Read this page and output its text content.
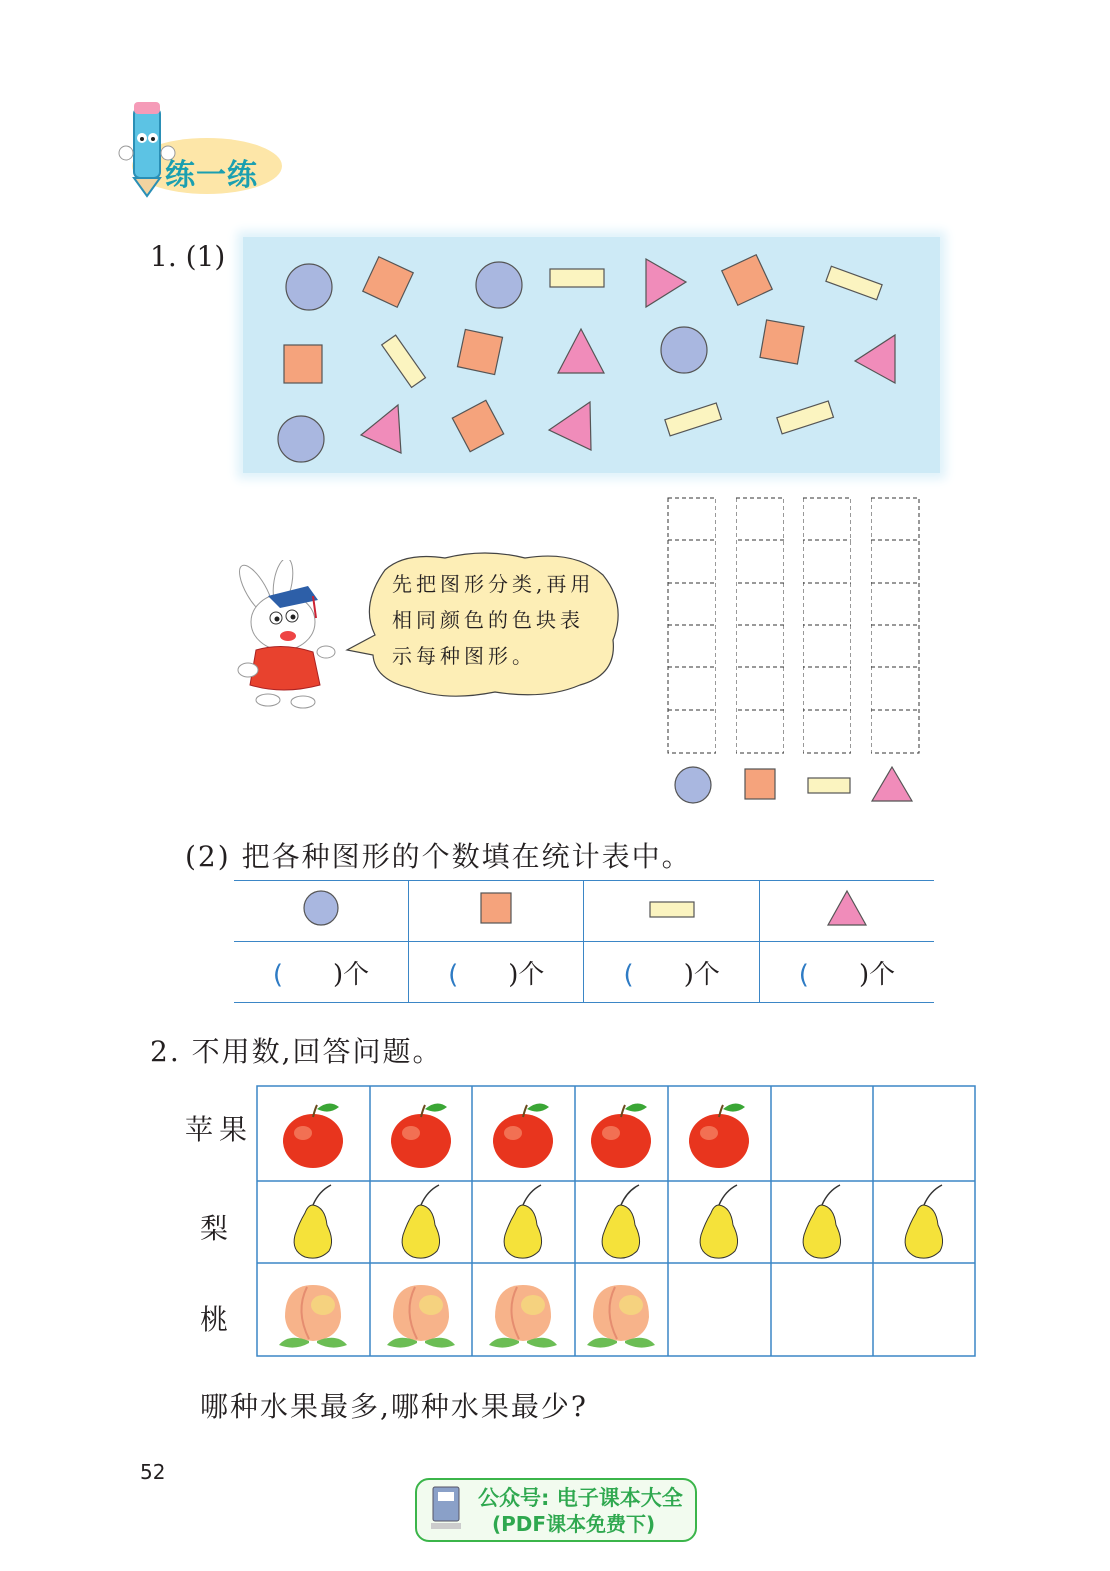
练一练
1. (1)
先把图形分类,再用
相同颜色的色块表
示每种图形。
(2) 把各种图形的个数填在统计表中。

( )个	( )个	( )个	( )个
2. 不用数,回答问题。
苹果
梨
桃
哪种水果最多,哪种水果最少?
52
公众号: 电子课本大全
(PDF课本免费下)
